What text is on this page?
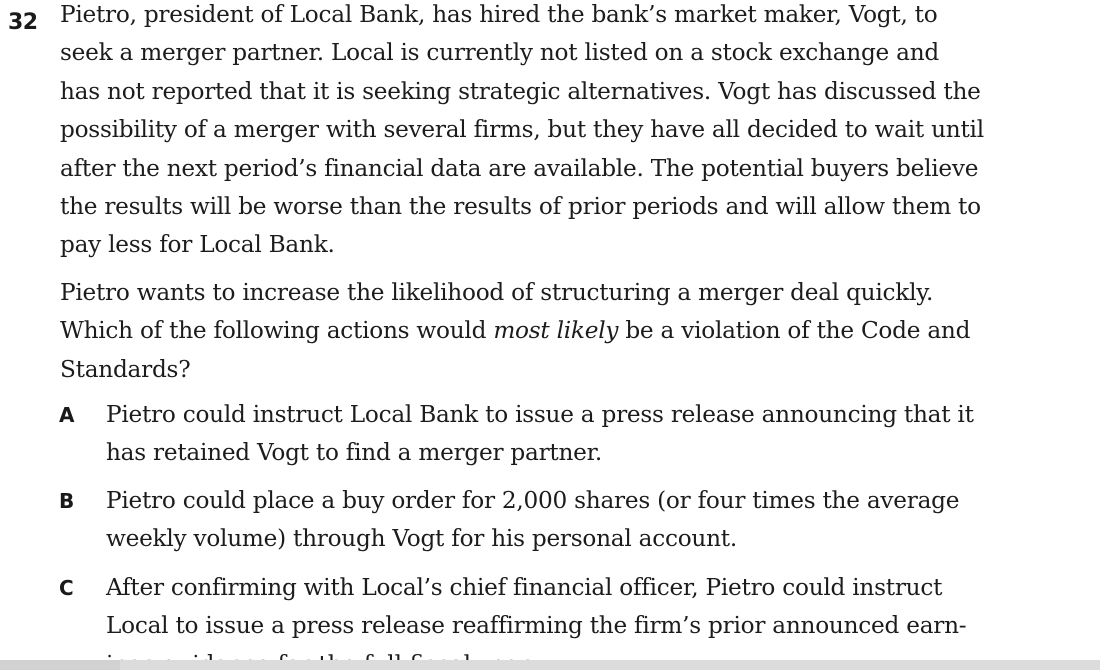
32 Pietro, president of Local Bank, has hired the bank’s market maker, Vogt, to
seek a merger partner. Local is currently not listed on a stock exchange and
has not reported that it is seeking strategic alternatives. Vogt has discussed the
possibility of a merger with several firms, but they have all decided to wait until
after the next period’s financial data are available. The potential buyers believe
the results will be worse than the results of prior periods and will allow them to
pay less for Local Bank.
Pietro wants to increase the likelihood of structuring a merger deal quickly.
Which of the following actions would most likely be a violation of the Code and
Standards?
A Pietro could instruct Local Bank to issue a press release announcing that it
has retained Vogt to find a merger partner.
B Pietro could place a buy order for 2,000 shares (or four times the average
weekly volume) through Vogt for his personal account.
C After confirming with Local’s chief financial officer, Pietro could instruct
Local to issue a press release reaffirming the firm’s prior announced earn-
